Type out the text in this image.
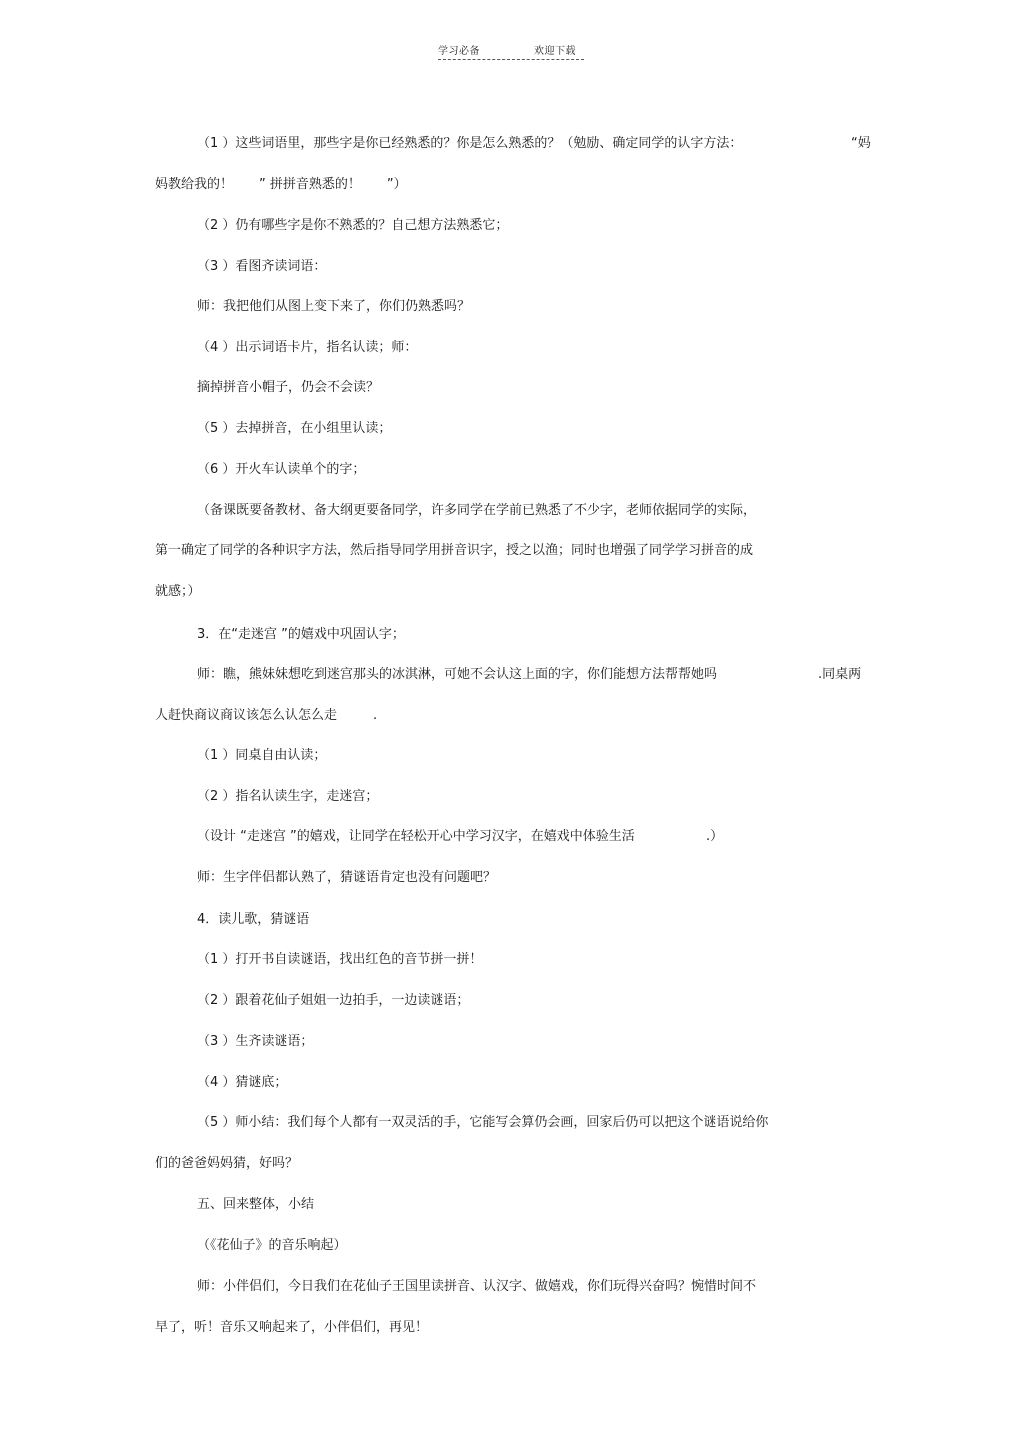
学习必备	欢迎下载
（1 ）这些词语里，那些字是你已经熟悉的？你是怎么熟悉的？（勉励、确定同学的认字方法：	“妈
妈教给我的！　　” 拼拼音熟悉的！　　”）
（2 ）仍有哪些字是你不熟悉的？自己想方法熟悉它；
（3 ）看图齐读词语：
师：我把他们从图上变下来了，你们仍熟悉吗？
（4 ）出示词语卡片，指名认读；师：
摘掉拼音小帽子，仍会不会读？
（5 ）去掉拼音，在小组里认读；
（6 ）开火车认读单个的字；
（备课既要备教材、备大纲更要备同学，许多同学在学前已熟悉了不少字，老师依据同学的实际，
第一确定了同学的各种识字方法，然后指导同学用拼音识字，授之以渔；同时也增强了同学学习拼音的成
就感；）
3．在“走迷宫 ”的嬉戏中巩固认字；
师：瞧，熊妹妹想吃到迷宫那头的冰淇淋，可她不会认这上面的字，你们能想方法帮帮她吗	.同桌两
人赶快商议商议该怎么认怎么走	.
（1 ）同桌自由认读；
（2 ）指名认读生字，走迷宫；
（设计 “走迷宫 ”的嬉戏，让同学在轻松开心中学习汉字，在嬉戏中体验生活	.）
师：生字伴侣都认熟了，猜谜语肯定也没有问题吧？
4．读儿歌，猜谜语
（1 ）打开书自读谜语，找出红色的音节拼一拼！
（2 ）跟着花仙子姐姐一边拍手，一边读谜语；
（3 ）生齐读谜语；
（4 ）猜谜底；
（5 ）师小结：我们每个人都有一双灵活的手，它能写会算仍会画，回家后仍可以把这个谜语说给你
们的爸爸妈妈猜，好吗？
五、回来整体，小结
（《花仙子》的音乐响起）
师：小伴侣们，今日我们在花仙子王国里读拼音、认汉字、做嬉戏，你们玩得兴奋吗？惋惜时间不
早了，听！音乐又响起来了，小伴侣们，再见！
